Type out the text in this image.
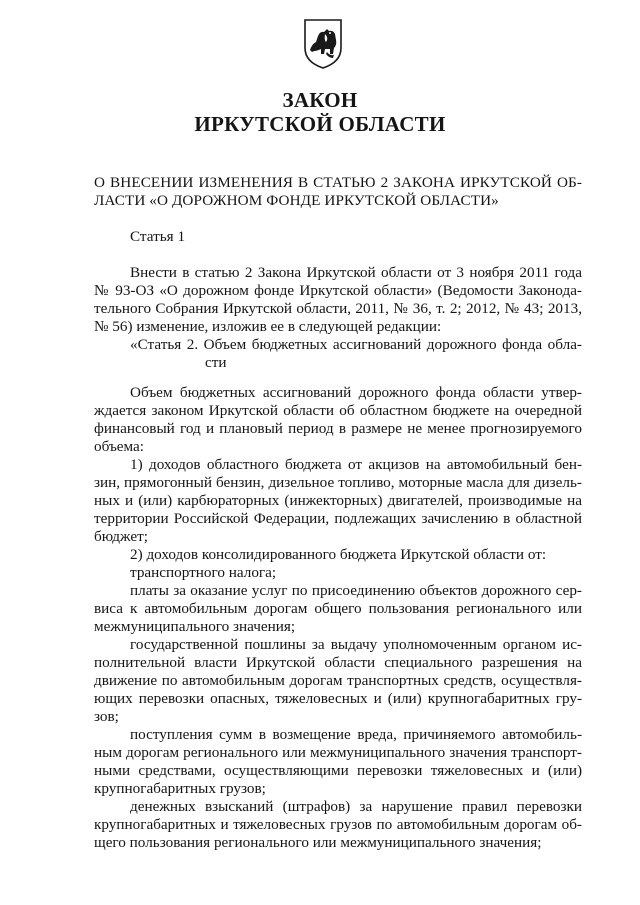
ЗАКОН
ИРКУТСКОЙ ОБЛАСТИ
О ВНЕСЕНИИ ИЗМЕНЕНИЯ В СТАТЬЮ 2 ЗАКОНА ИРКУТСКОЙ ОБ-
ЛАСТИ «О ДОРОЖНОМ ФОНДЕ ИРКУТСКОЙ ОБЛАСТИ»
Статья 1
Внести в статью 2 Закона Иркутской области от 3 ноября 2011 года
№ 93-ОЗ «О дорожном фонде Иркутской области» (Ведомости Законода-
тельного Собрания Иркутской области, 2011, № 36, т. 2; 2012, № 43; 2013,
№ 56) изменение, изложив ее в следующей редакции:
«Статья 2. Объем бюджетных ассигнований дорожного фонда обла-
сти
Объем бюджетных ассигнований дорожного фонда области утвер-
ждается законом Иркутской области об областном бюджете на очередной
финансовый год и плановый период в размере не менее прогнозируемого
объема:
1) доходов областного бюджета от акцизов на автомобильный бен-
зин, прямогонный бензин, дизельное топливо, моторные масла для дизель-
ных и (или) карбюраторных (инжекторных) двигателей, производимые на
территории Российской Федерации, подлежащих зачислению в областной
бюджет;
2) доходов консолидированного бюджета Иркутской области от:
транспортного налога;
платы за оказание услуг по присоединению объектов дорожного сер-
виса к автомобильным дорогам общего пользования регионального или
межмуниципального значения;
государственной пошлины за выдачу уполномоченным органом ис-
полнительной власти Иркутской области специального разрешения на
движение по автомобильным дорогам транспортных средств, осуществля-
ющих перевозки опасных, тяжеловесных и (или) крупногабаритных гру-
зов;
поступления сумм в возмещение вреда, причиняемого автомобиль-
ным дорогам регионального или межмуниципального значения транспорт-
ными средствами, осуществляющими перевозки тяжеловесных и (или)
крупногабаритных грузов;
денежных взысканий (штрафов) за нарушение правил перевозки
крупногабаритных и тяжеловесных грузов по автомобильным дорогам об-
щего пользования регионального или межмуниципального значения;
